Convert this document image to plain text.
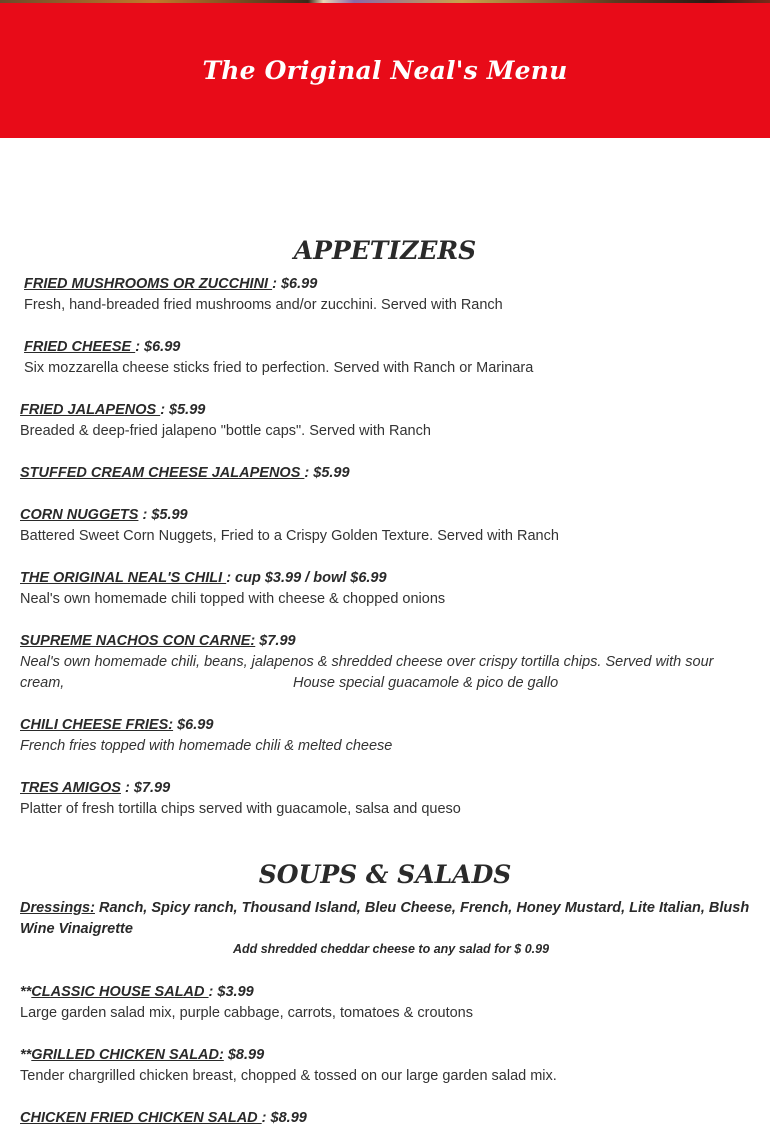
The Original Neal's Menu
APPETIZERS
FRIED MUSHROOMS OR ZUCCHINI : $6.99
Fresh, hand-breaded fried mushrooms and/or zucchini. Served with Ranch
FRIED CHEESE : $6.99
Six mozzarella cheese sticks fried to perfection. Served with Ranch or Marinara
FRIED JALAPENOS : $5.99
Breaded & deep-fried jalapeno "bottle caps". Served with Ranch
STUFFED CREAM CHEESE JALAPENOS : $5.99
CORN NUGGETS : $5.99
Battered Sweet Corn Nuggets, Fried to a Crispy Golden Texture. Served with Ranch
THE ORIGINAL NEAL'S CHILI : cup $3.99 / bowl $6.99
Neal's own homemade chili topped with cheese & chopped onions
SUPREME NACHOS CON CARNE: $7.99
Neal's own homemade chili, beans, jalapenos & shredded cheese over crispy tortilla chips. Served with sour
cream,	House special guacamole & pico de gallo
CHILI CHEESE FRIES: $6.99
French fries topped with homemade chili & melted cheese
TRES AMIGOS : $7.99
Platter of fresh tortilla chips served with guacamole, salsa and queso
SOUPS & SALADS
Dressings: Ranch, Spicy ranch, Thousand Island, Bleu Cheese, French, Honey Mustard, Lite Italian, Blush
Wine Vinaigrette
Add shredded cheddar cheese to any salad for $ 0.99
**CLASSIC HOUSE SALAD : $3.99
Large garden salad mix, purple cabbage, carrots, tomatoes & croutons
**GRILLED CHICKEN SALAD: $8.99
Tender chargrilled chicken breast, chopped & tossed on our large garden salad mix.
CHICKEN FRIED CHICKEN SALAD : $8.99
